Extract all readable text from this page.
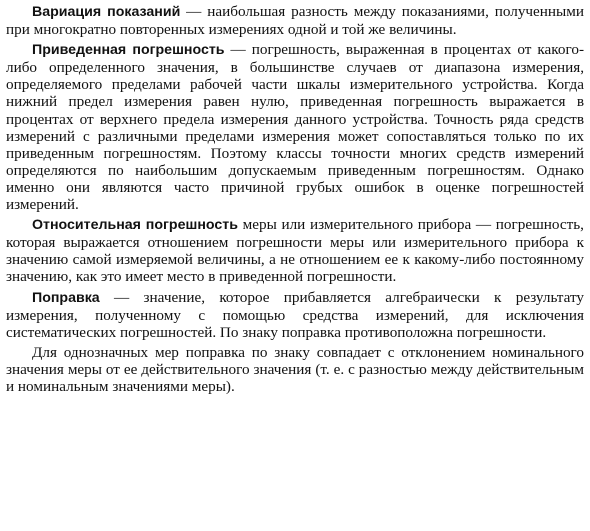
Вариация показаний — наибольшая разность между показаниями, полученными при многократно повторенных измерениях одной и той же величины.

Приведенная погрешность — погрешность, выраженная в процентах от какого-либо определенного значения, в большинстве случаев от диапазона измерения, определяемого пределами рабочей части шкалы измерительного устройства. Когда нижний предел измерения равен нулю, приведенная погрешность выражается в процентах от верхнего предела измерения данного устройства. Точность ряда средств измерений с различными пределами измерения может сопоставляться только по их приведенным погрешностям. Поэтому классы точности многих средств измерений определяются по наибольшим допускаемым приведенным погрешностям. Однако именно они являются часто причиной грубых ошибок в оценке погрешностей измерений.

Относительная погрешность меры или измерительного прибора — погрешность, которая выражается отношением погрешности меры или измерительного прибора к значению самой измеряемой величины, а не отношением ее к какому-либо постоянному значению, как это имеет место в приведенной погрешности.

Поправка — значение, которое прибавляется алгебраически к результату измерения, полученному с помощью средства измерений, для исключения систематических погрешностей. По знаку поправка противоположна погрешности.

Для однозначных мер поправка по знаку совпадает с отклонением номинального значения меры от ее действительного значения (т. е. с разностью между действительным и номинальным значениями меры).
